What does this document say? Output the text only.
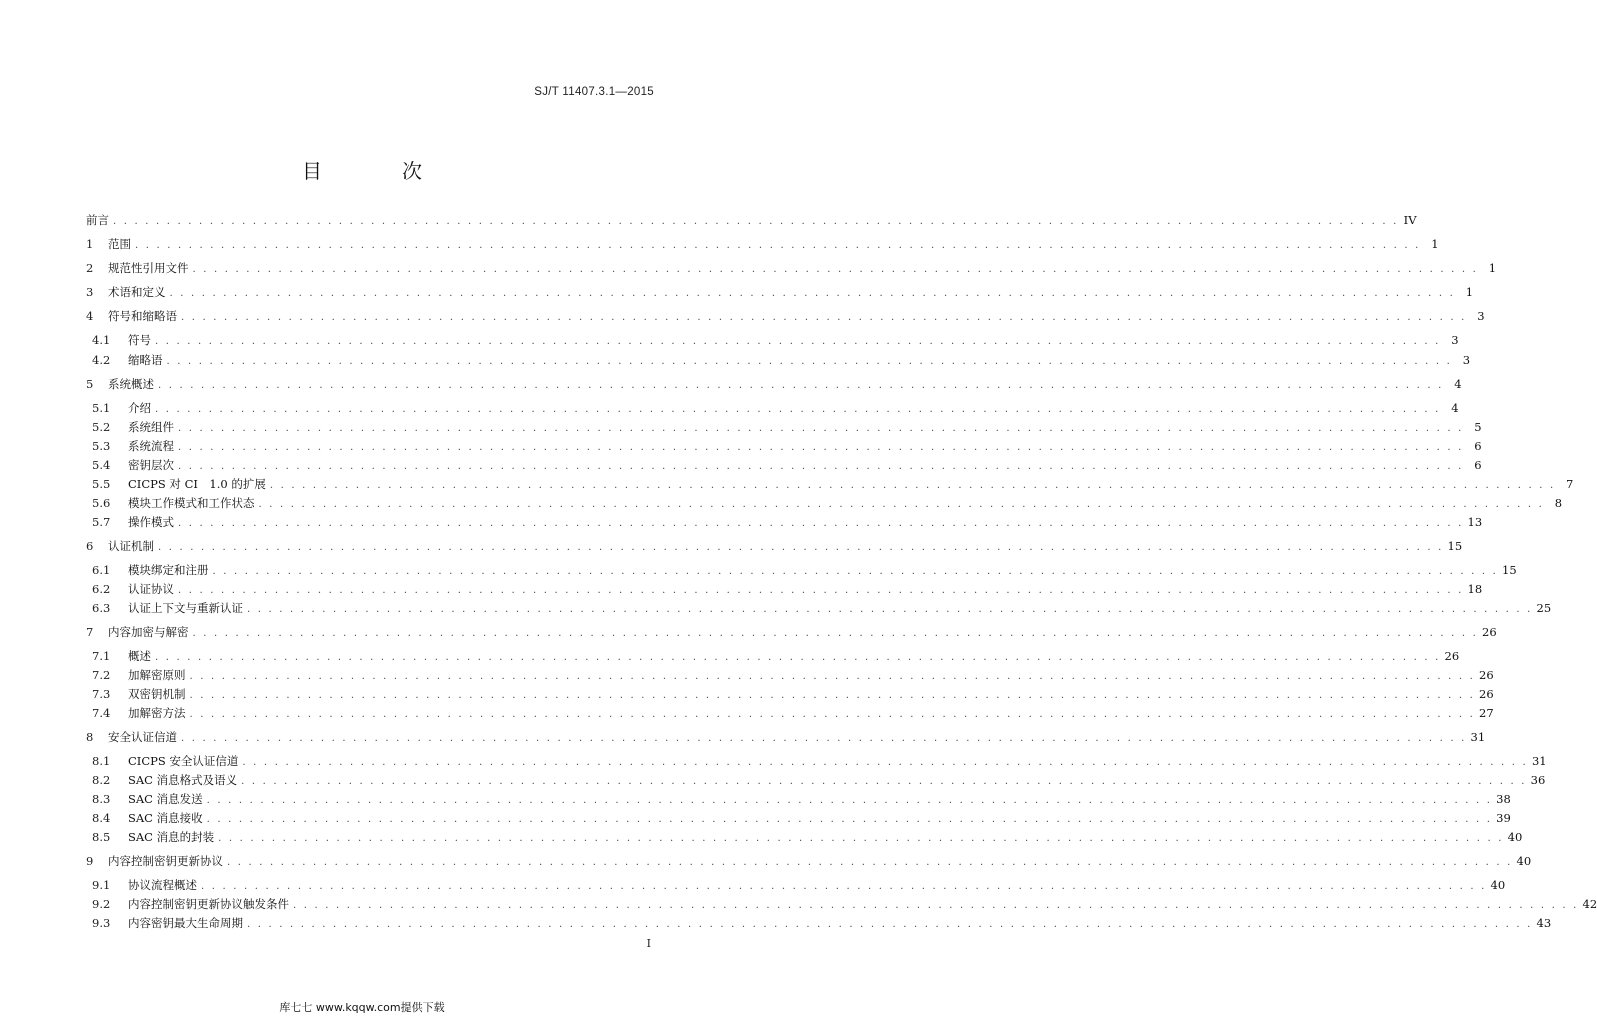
SJ/T 11407.3.1—2015
目　次
前言 . . . . . . . . . . . . . . . . . . . . . . . . . . . . . . . . . . . . . . . . . . . . . . . . . . . . . . . . . . . . . . . . . . . . . . . . . . . . . . . . . . . . . . . . . . . . . . . . . . . . . . . . . . . . . . . . . . . . . . . . IV
1	范围 . . . . . . . . . . . . . . . . . . . . . . . . . . . . . . . . . . . . . . . . . . . . . . . . . . . . . . . . . . . . . . . . . . . . . . . . . . . . . . . . . . . . . . . . . . . . . . . . . . . . . . . . . . . . . . . . . . . . . . . . 1
2	规范性引用文件 . . . . . . . . . . . . . . . . . . . . . . . . . . . . . . . . . . . . . . . . . . . . . . . . . . . . . . . . . . . . . . . . . . . . . . . . . . . . . . . . . . . . . . . . . . . . . . . . . . . . . . . . . . . . . . . . . . . . . . . . 1
3	术语和定义 . . . . . . . . . . . . . . . . . . . . . . . . . . . . . . . . . . . . . . . . . . . . . . . . . . . . . . . . . . . . . . . . . . . . . . . . . . . . . . . . . . . . . . . . . . . . . . . . . . . . . . . . . . . . . . . . . . . . . . . . 1
4	符号和缩略语 . . . . . . . . . . . . . . . . . . . . . . . . . . . . . . . . . . . . . . . . . . . . . . . . . . . . . . . . . . . . . . . . . . . . . . . . . . . . . . . . . . . . . . . . . . . . . . . . . . . . . . . . . . . . . . . . . . . . . . . . 3
4.1	符号 . . . . . . . . . . . . . . . . . . . . . . . . . . . . . . . . . . . . . . . . . . . . . . . . . . . . . . . . . . . . . . . . . . . . . . . . . . . . . . . . . . . . . . . . . . . . . . . . . . . . . . . . . . . . . . . . . . . . . . . . 3
4.2	缩略语 . . . . . . . . . . . . . . . . . . . . . . . . . . . . . . . . . . . . . . . . . . . . . . . . . . . . . . . . . . . . . . . . . . . . . . . . . . . . . . . . . . . . . . . . . . . . . . . . . . . . . . . . . . . . . . . . . . . . . . . . 3
5	系统概述 . . . . . . . . . . . . . . . . . . . . . . . . . . . . . . . . . . . . . . . . . . . . . . . . . . . . . . . . . . . . . . . . . . . . . . . . . . . . . . . . . . . . . . . . . . . . . . . . . . . . . . . . . . . . . . . . . . . . . . . . 4
5.1	介绍 . . . . . . . . . . . . . . . . . . . . . . . . . . . . . . . . . . . . . . . . . . . . . . . . . . . . . . . . . . . . . . . . . . . . . . . . . . . . . . . . . . . . . . . . . . . . . . . . . . . . . . . . . . . . . . . . . . . . . . . . 4
5.2	系统组件 . . . . . . . . . . . . . . . . . . . . . . . . . . . . . . . . . . . . . . . . . . . . . . . . . . . . . . . . . . . . . . . . . . . . . . . . . . . . . . . . . . . . . . . . . . . . . . . . . . . . . . . . . . . . . . . . . . . . . . . . 5
5.3	系统流程 . . . . . . . . . . . . . . . . . . . . . . . . . . . . . . . . . . . . . . . . . . . . . . . . . . . . . . . . . . . . . . . . . . . . . . . . . . . . . . . . . . . . . . . . . . . . . . . . . . . . . . . . . . . . . . . . . . . . . . . . 6
5.4	密钥层次 . . . . . . . . . . . . . . . . . . . . . . . . . . . . . . . . . . . . . . . . . . . . . . . . . . . . . . . . . . . . . . . . . . . . . . . . . . . . . . . . . . . . . . . . . . . . . . . . . . . . . . . . . . . . . . . . . . . . . . . . 6
5.5	CICPS 对 CI　1.0 的扩展 . . . . . . . . . . . . . . . . . . . . . . . . . . . . . . . . . . . . . . . . . . . . . . . . . . . . . . . . . . . . . . . . . . . . . . . . . . . . . . . . . . . . . . . . . . . . . . . . . . . . . . . . . . . . . . . . . . . . . . . . 7
5.6	模块工作模式和工作状态 . . . . . . . . . . . . . . . . . . . . . . . . . . . . . . . . . . . . . . . . . . . . . . . . . . . . . . . . . . . . . . . . . . . . . . . . . . . . . . . . . . . . . . . . . . . . . . . . . . . . . . . . . . . . . . . . . . . . . . . . 8
5.7	操作模式 . . . . . . . . . . . . . . . . . . . . . . . . . . . . . . . . . . . . . . . . . . . . . . . . . . . . . . . . . . . . . . . . . . . . . . . . . . . . . . . . . . . . . . . . . . . . . . . . . . . . . . . . . . . . . . . . . . . . . . . . 13
6	认证机制 . . . . . . . . . . . . . . . . . . . . . . . . . . . . . . . . . . . . . . . . . . . . . . . . . . . . . . . . . . . . . . . . . . . . . . . . . . . . . . . . . . . . . . . . . . . . . . . . . . . . . . . . . . . . . . . . . . . . . . . . 15
6.1	模块绑定和注册 . . . . . . . . . . . . . . . . . . . . . . . . . . . . . . . . . . . . . . . . . . . . . . . . . . . . . . . . . . . . . . . . . . . . . . . . . . . . . . . . . . . . . . . . . . . . . . . . . . . . . . . . . . . . . . . . . . . . . . . . 15
6.2	认证协议 . . . . . . . . . . . . . . . . . . . . . . . . . . . . . . . . . . . . . . . . . . . . . . . . . . . . . . . . . . . . . . . . . . . . . . . . . . . . . . . . . . . . . . . . . . . . . . . . . . . . . . . . . . . . . . . . . . . . . . . . 18
6.3	认证上下文与重新认证 . . . . . . . . . . . . . . . . . . . . . . . . . . . . . . . . . . . . . . . . . . . . . . . . . . . . . . . . . . . . . . . . . . . . . . . . . . . . . . . . . . . . . . . . . . . . . . . . . . . . . . . . . . . . . . . . . . . . . . . . 25
7	内容加密与解密 . . . . . . . . . . . . . . . . . . . . . . . . . . . . . . . . . . . . . . . . . . . . . . . . . . . . . . . . . . . . . . . . . . . . . . . . . . . . . . . . . . . . . . . . . . . . . . . . . . . . . . . . . . . . . . . . . . . . . . . . 26
7.1	概述 . . . . . . . . . . . . . . . . . . . . . . . . . . . . . . . . . . . . . . . . . . . . . . . . . . . . . . . . . . . . . . . . . . . . . . . . . . . . . . . . . . . . . . . . . . . . . . . . . . . . . . . . . . . . . . . . . . . . . . . . 26
7.2	加解密原则 . . . . . . . . . . . . . . . . . . . . . . . . . . . . . . . . . . . . . . . . . . . . . . . . . . . . . . . . . . . . . . . . . . . . . . . . . . . . . . . . . . . . . . . . . . . . . . . . . . . . . . . . . . . . . . . . . . . . . . . . 26
7.3	双密钥机制 . . . . . . . . . . . . . . . . . . . . . . . . . . . . . . . . . . . . . . . . . . . . . . . . . . . . . . . . . . . . . . . . . . . . . . . . . . . . . . . . . . . . . . . . . . . . . . . . . . . . . . . . . . . . . . . . . . . . . . . . 26
7.4	加解密方法 . . . . . . . . . . . . . . . . . . . . . . . . . . . . . . . . . . . . . . . . . . . . . . . . . . . . . . . . . . . . . . . . . . . . . . . . . . . . . . . . . . . . . . . . . . . . . . . . . . . . . . . . . . . . . . . . . . . . . . . . 27
8	安全认证信道 . . . . . . . . . . . . . . . . . . . . . . . . . . . . . . . . . . . . . . . . . . . . . . . . . . . . . . . . . . . . . . . . . . . . . . . . . . . . . . . . . . . . . . . . . . . . . . . . . . . . . . . . . . . . . . . . . . . . . . . . 31
8.1	CICPS 安全认证信道 . . . . . . . . . . . . . . . . . . . . . . . . . . . . . . . . . . . . . . . . . . . . . . . . . . . . . . . . . . . . . . . . . . . . . . . . . . . . . . . . . . . . . . . . . . . . . . . . . . . . . . . . . . . . . . . . . . . . . . . . 31
8.2	SAC 消息格式及语义 . . . . . . . . . . . . . . . . . . . . . . . . . . . . . . . . . . . . . . . . . . . . . . . . . . . . . . . . . . . . . . . . . . . . . . . . . . . . . . . . . . . . . . . . . . . . . . . . . . . . . . . . . . . . . . . . . . . . . . . . 36
8.3	SAC 消息发送 . . . . . . . . . . . . . . . . . . . . . . . . . . . . . . . . . . . . . . . . . . . . . . . . . . . . . . . . . . . . . . . . . . . . . . . . . . . . . . . . . . . . . . . . . . . . . . . . . . . . . . . . . . . . . . . . . . . . . . . . 38
8.4	SAC 消息接收 . . . . . . . . . . . . . . . . . . . . . . . . . . . . . . . . . . . . . . . . . . . . . . . . . . . . . . . . . . . . . . . . . . . . . . . . . . . . . . . . . . . . . . . . . . . . . . . . . . . . . . . . . . . . . . . . . . . . . . . . 39
8.5	SAC 消息的封装 . . . . . . . . . . . . . . . . . . . . . . . . . . . . . . . . . . . . . . . . . . . . . . . . . . . . . . . . . . . . . . . . . . . . . . . . . . . . . . . . . . . . . . . . . . . . . . . . . . . . . . . . . . . . . . . . . . . . . . . . 40
9	内容控制密钥更新协议 . . . . . . . . . . . . . . . . . . . . . . . . . . . . . . . . . . . . . . . . . . . . . . . . . . . . . . . . . . . . . . . . . . . . . . . . . . . . . . . . . . . . . . . . . . . . . . . . . . . . . . . . . . . . . . . . . . . . . . . . 40
9.1	协议流程概述 . . . . . . . . . . . . . . . . . . . . . . . . . . . . . . . . . . . . . . . . . . . . . . . . . . . . . . . . . . . . . . . . . . . . . . . . . . . . . . . . . . . . . . . . . . . . . . . . . . . . . . . . . . . . . . . . . . . . . . . . 40
9.2	内容控制密钥更新协议触发条件 . . . . . . . . . . . . . . . . . . . . . . . . . . . . . . . . . . . . . . . . . . . . . . . . . . . . . . . . . . . . . . . . . . . . . . . . . . . . . . . . . . . . . . . . . . . . . . . . . . . . . . . . . . . . . . . . . . . . . . . . 42
9.3	内容密钥最大生命周期 . . . . . . . . . . . . . . . . . . . . . . . . . . . . . . . . . . . . . . . . . . . . . . . . . . . . . . . . . . . . . . . . . . . . . . . . . . . . . . . . . . . . . . . . . . . . . . . . . . . . . . . . . . . . . . . . . . . . . . . . 43
I
库七七 www.kqqw.com提供下载
